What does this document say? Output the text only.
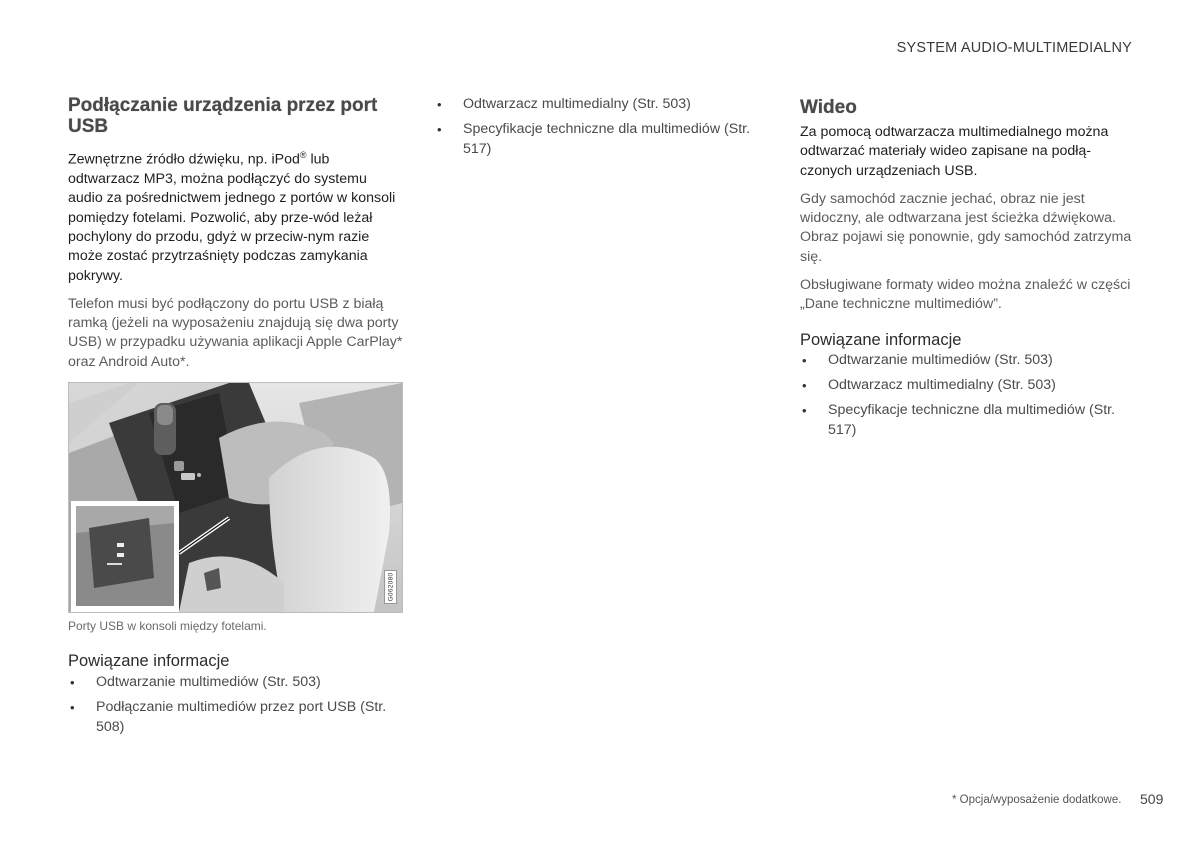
SYSTEM AUDIO-MULTIMEDIALNY
Podłączanie urządzenia przez port USB

Zewnętrzne źródło dźwięku, np. iPod® lub odtwarzacz MP3, można podłączyć do systemu audio za pośrednictwem jednego z portów w konsoli pomiędzy fotelami. Pozwolić, aby prze-wód leżał pochylony do przodu, gdyż w przeciw-nym razie może zostać przytrzaśnięty podczas zamykania pokrywy.

Telefon musi być podłączony do portu USB z białą ramką (jeżeli na wyposażeniu znajdują się dwa porty USB) w przypadku używania aplikacji Apple CarPlay* oraz Android Auto*.

G062080
Porty USB w konsoli między fotelami.
Powiązane informacje
• Odtwarzanie multimediów (Str. 503)
• Podłączanie multimediów przez port USB (Str. 508)
• Odtwarzacz multimedialny (Str. 503)
• Specyfikacje techniczne dla multimediów (Str. 517)
Wideo

Za pomocą odtwarzacza multimedialnego można odtwarzać materiały wideo zapisane na podłą-czonych urządzeniach USB.

Gdy samochód zacznie jechać, obraz nie jest widoczny, ale odtwarzana jest ścieżka dźwiękowa. Obraz pojawi się ponownie, gdy samochód zatrzyma się.

Obsługiwane formaty wideo można znaleźć w części „Dane techniczne multimediów”.

Powiązane informacje
• Odtwarzanie multimediów (Str. 503)
• Odtwarzacz multimedialny (Str. 503)
• Specyfikacje techniczne dla multimediów (Str. 517)
* Opcja/wyposażenie dodatkowe. 509
